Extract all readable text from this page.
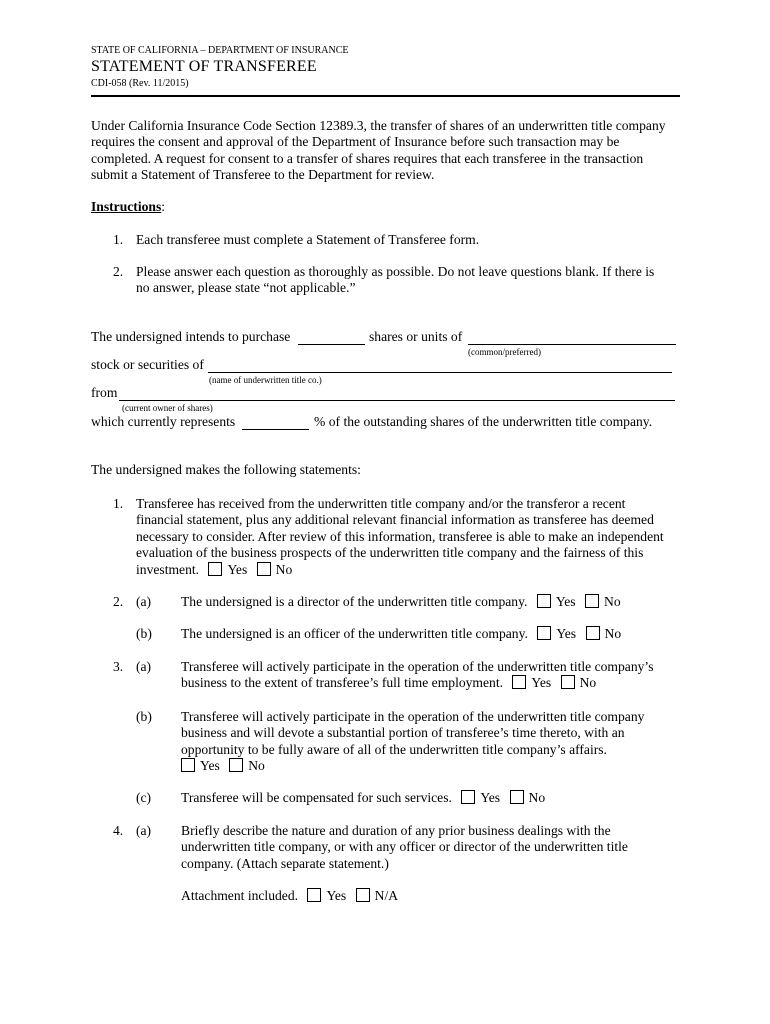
STATE OF CALIFORNIA – DEPARTMENT OF INSURANCE
STATEMENT OF TRANSFEREE
CDI-058 (Rev. 11/2015)
Under California Insurance Code Section 12389.3, the transfer of shares of an underwritten title company
requires the consent and approval of the Department of Insurance before such transaction may be
completed. A request for consent to a transfer of shares requires that each transferee in the transaction
submit a Statement of Transferee to the Department for review.
Instructions:
1. Each transferee must complete a Statement of Transferee form.
2. Please answer each question as thoroughly as possible. Do not leave questions blank. If there is
no answer, please state “not applicable.”
The undersigned intends to purchase	shares or units of
(common/preferred)
stock or securities of
(name of underwritten title co.)
from
(current owner of shares)
which currently represents	% of the outstanding shares of the underwritten title company.
The undersigned makes the following statements:
1. Transferee has received from the underwritten title company and/or the transferor a recent
financial statement, plus any additional relevant financial information as transferee has deemed
necessary to consider. After review of this information, transferee is able to make an independent
evaluation of the business prospects of the underwritten title company and the fairness of this
investment. Yes No
2. (a) The undersigned is a director of the underwritten title company. Yes No
(b) The undersigned is an officer of the underwritten title company. Yes No
3. (a) Transferee will actively participate in the operation of the underwritten title company’s
business to the extent of transferee’s full time employment. Yes No
(b) Transferee will actively participate in the operation of the underwritten title company
business and will devote a substantial portion of transferee’s time thereto, with an
opportunity to be fully aware of all of the underwritten title company’s affairs.
Yes No
(c) Transferee will be compensated for such services. Yes No
4. (a) Briefly describe the nature and duration of any prior business dealings with the
underwritten title company, or with any officer or director of the underwritten title
company. (Attach separate statement.)
Attachment included. Yes N/A
